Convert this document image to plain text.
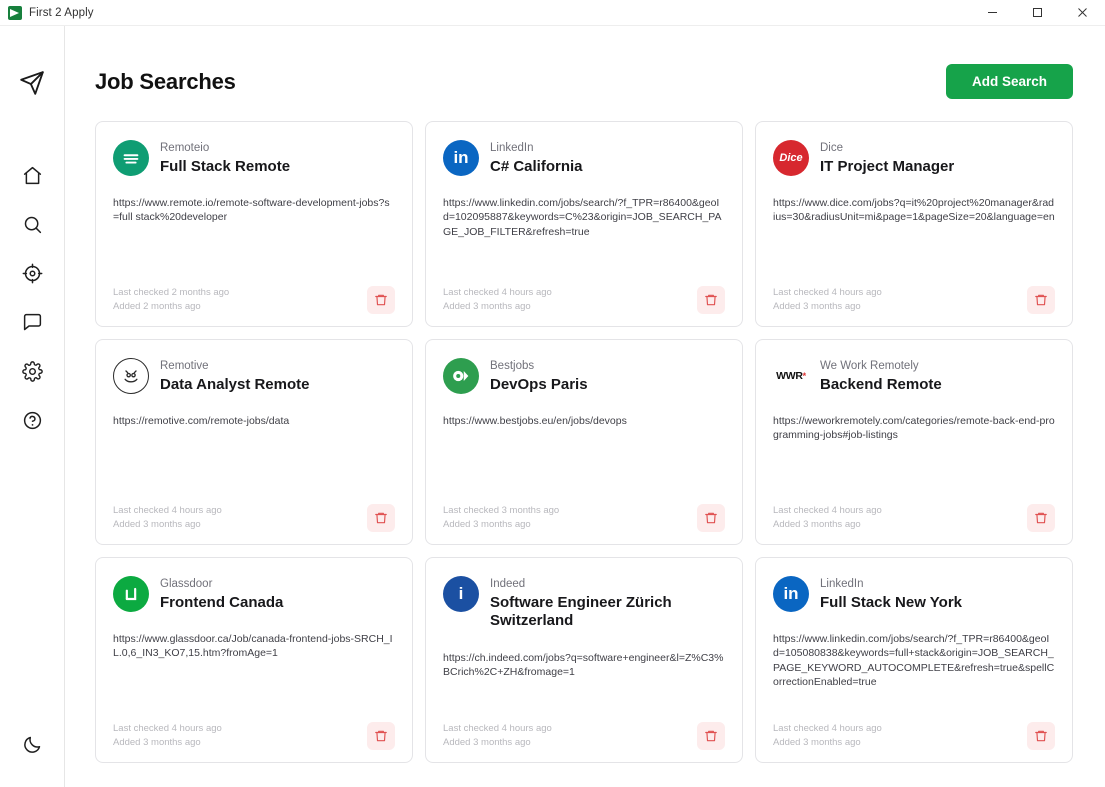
First 2 Apply
Job Searches	Add Search
Remoteio
Full Stack Remote
https://www.remote.io/remote-software-development-jobs?s=full stack%20developer
Last checked 2 months ago
Added 2 months ago
in	LinkedIn
C# California
https://www.linkedin.com/jobs/search/?f_TPR=r86400&geoId=102095887&keywords=C%23&origin=JOB_SEARCH_PAGE_JOB_FILTER&refresh=true
Last checked 4 hours ago
Added 3 months ago
Dice
Dice
IT Project Manager
https://www.dice.com/jobs?q=it%20project%20manager&radius=30&radiusUnit=mi&page=1&pageSize=20&language=en
Last checked 4 hours ago
Added 3 months ago
Remotive
Data Analyst Remote
https://remotive.com/remote-jobs/data
Last checked 4 hours ago
Added 3 months ago
Bestjobs
DevOps Paris
https://www.bestjobs.eu/en/jobs/devops
Last checked 3 months ago
Added 3 months ago
WWR *
We Work Remotely
Backend Remote
https://weworkremotely.com/categories/remote-back-end-programming-jobs#job-listings
Last checked 4 hours ago
Added 3 months ago
Glassdoor
Frontend Canada
https://www.glassdoor.ca/Job/canada-frontend-jobs-SRCH_IL.0,6_IN3_KO7,15.htm?fromAge=1
Last checked 4 hours ago
Added 3 months ago
i	Indeed
Software Engineer Zürich Switzerland
https://ch.indeed.com/jobs?q=software+engineer&l=Z%C3%BCrich%2C+ZH&fromage=1
Last checked 4 hours ago
Added 3 months ago
in	LinkedIn
Full Stack New York
https://www.linkedin.com/jobs/search/?f_TPR=r86400&geoId=105080838&keywords=full+stack&origin=JOB_SEARCH_PAGE_KEYWORD_AUTOCOMPLETE&refresh=true&spellCorrectionEnabled=true
Last checked 4 hours ago
Added 3 months ago
